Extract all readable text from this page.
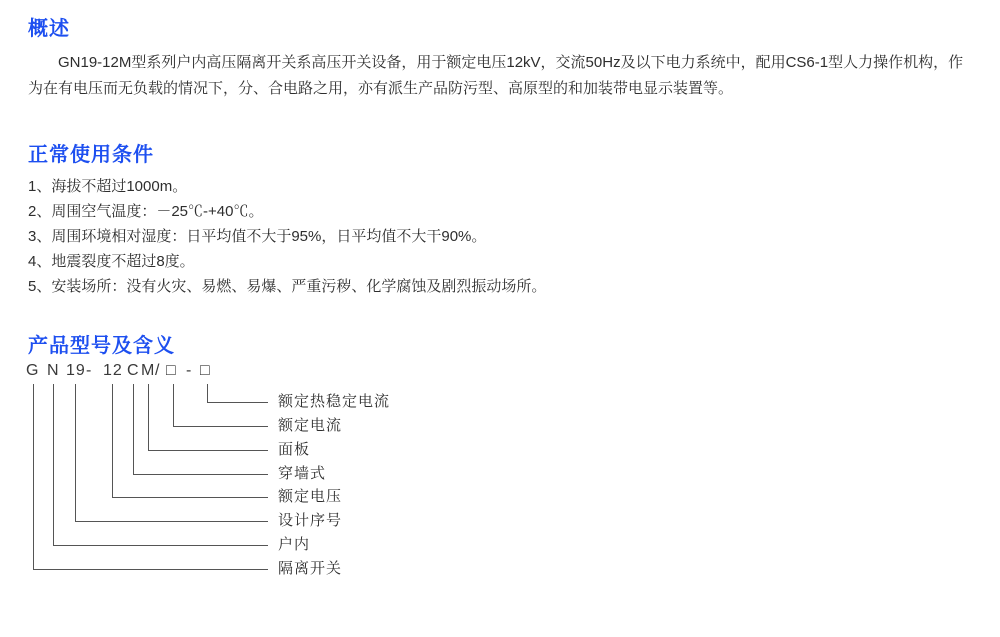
概述

GN19-12M型系列户内高压隔离开关系高压开关设备，用于额定电压12kV，交流50Hz及以下电力系统中，配用CS6-1型人力操作机构，作为在有电压而无负载的情况下，分、合电路之用，亦有派生产品防污型、高原型的和加装带电显示装置等。

正常使用条件
1、海拔不超过1000m。
2、周围空气温度：－25℃-+40℃。
3、周围环境相对湿度：日平均值不大于95%，日平均值不大干90%。
4、地震裂度不超过8度。
5、安装场所：没有火灾、易燃、易爆、严重污秽、化学腐蚀及剧烈振动场所。
产品型号及含义
G N 19 - 12 C M / □ - □
额定热稳定电流
额定电流
面板
穿墙式
额定电压
设计序号
户内
隔离开关
